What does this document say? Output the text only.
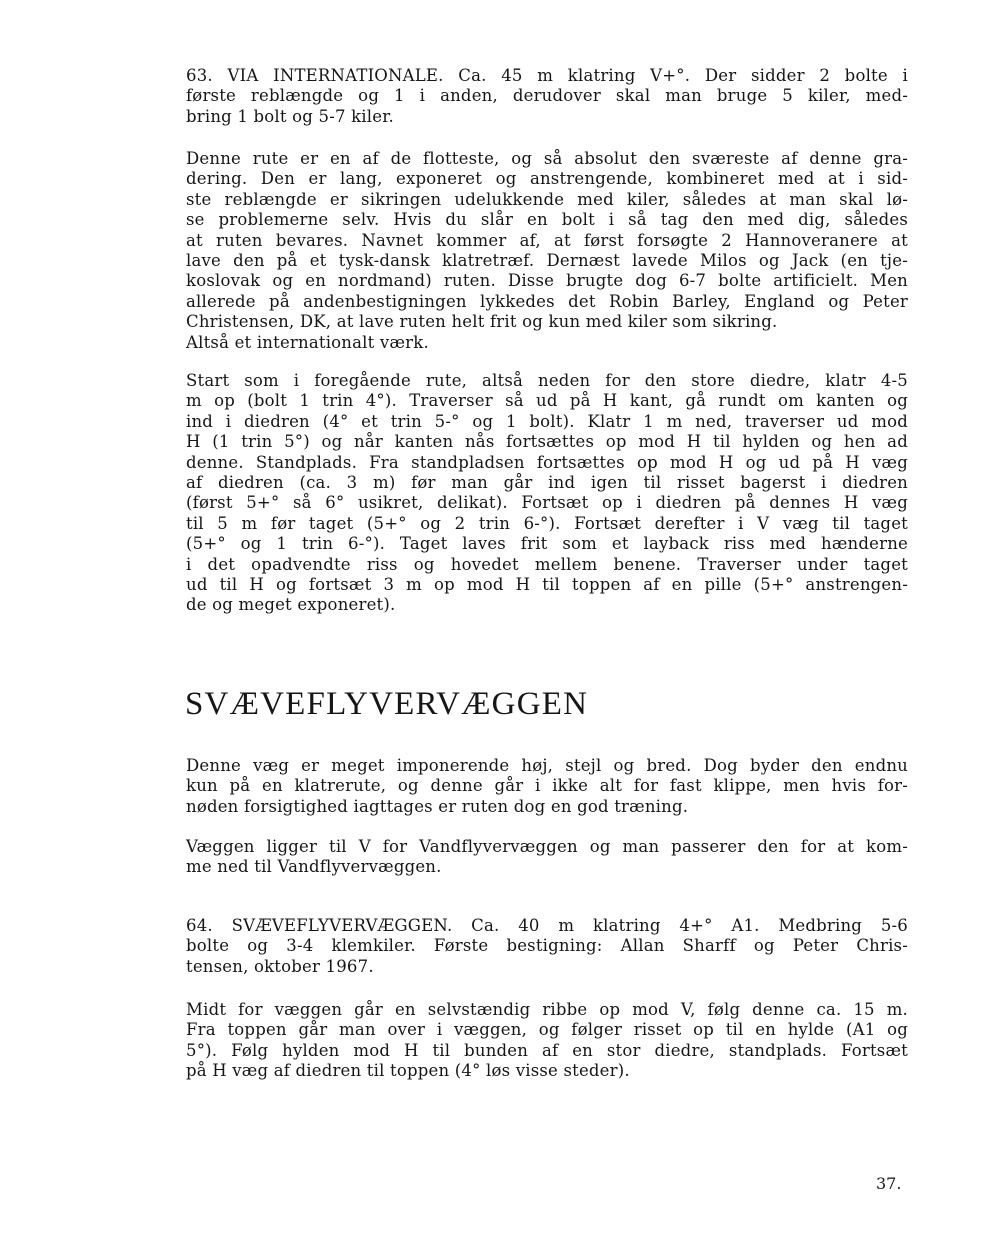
63. VIA INTERNATIONALE. Ca. 45 m klatring V+°. Der sidder 2 bolte i
første reblængde og 1 i anden, derudover skal man bruge 5 kiler, med-
bring 1 bolt og 5-7 kiler.
Denne rute er en af de flotteste, og så absolut den sværeste af denne gra-
dering. Den er lang, exponeret og anstrengende, kombineret med at i sid-
ste reblængde er sikringen udelukkende med kiler, således at man skal lø-
se problemerne selv. Hvis du slår en bolt i så tag den med dig, således
at ruten bevares. Navnet kommer af, at først forsøgte 2 Hannoveranere at
lave den på et tysk-dansk klatretræf. Dernæst lavede Milos og Jack (en tje-
koslovak og en nordmand) ruten. Disse brugte dog 6-7 bolte artificielt. Men
allerede på andenbestigningen lykkedes det Robin Barley, England og Peter
Christensen, DK, at lave ruten helt frit og kun med kiler som sikring.
Altså et internationalt værk.
Start som i foregående rute, altså neden for den store diedre, klatr 4-5
m op (bolt 1 trin 4°). Traverser så ud på H kant, gå rundt om kanten og
ind i diedren (4° et trin 5-° og 1 bolt). Klatr 1 m ned, traverser ud mod
H (1 trin 5°) og når kanten nås fortsættes op mod H til hylden og hen ad
denne. Standplads. Fra standpladsen fortsættes op mod H og ud på H væg
af diedren (ca. 3 m) før man går ind igen til risset bagerst i diedren
(først 5+° så 6° usikret, delikat). Fortsæt op i diedren på dennes H væg
til 5 m før taget (5+° og 2 trin 6-°). Fortsæt derefter i V væg til taget
(5+° og 1 trin 6-°). Taget laves frit som et layback riss med hænderne
i det opadvendte riss og hovedet mellem benene. Traverser under taget
ud til H og fortsæt 3 m op mod H til toppen af en pille (5+° anstrengen-
de og meget exponeret).
SVÆVEFLYVERVÆGGEN
Denne væg er meget imponerende høj, stejl og bred. Dog byder den endnu
kun på en klatrerute, og denne går i ikke alt for fast klippe, men hvis for-
nøden forsigtighed iagttages er ruten dog en god træning.
Væggen ligger til V for Vandflyvervæggen og man passerer den for at kom-
me ned til Vandflyvervæggen.
64. SVÆVEFLYVERVÆGGEN. Ca. 40 m klatring 4+° A1. Medbring 5-6
bolte og 3-4 klemkiler. Første bestigning: Allan Sharff og Peter Chris-
tensen, oktober 1967.
Midt for væggen går en selvstændig ribbe op mod V, følg denne ca. 15 m.
Fra toppen går man over i væggen, og følger risset op til en hylde (A1 og
5°). Følg hylden mod H til bunden af en stor diedre, standplads. Fortsæt
på H væg af diedren til toppen (4° løs visse steder).
37.
